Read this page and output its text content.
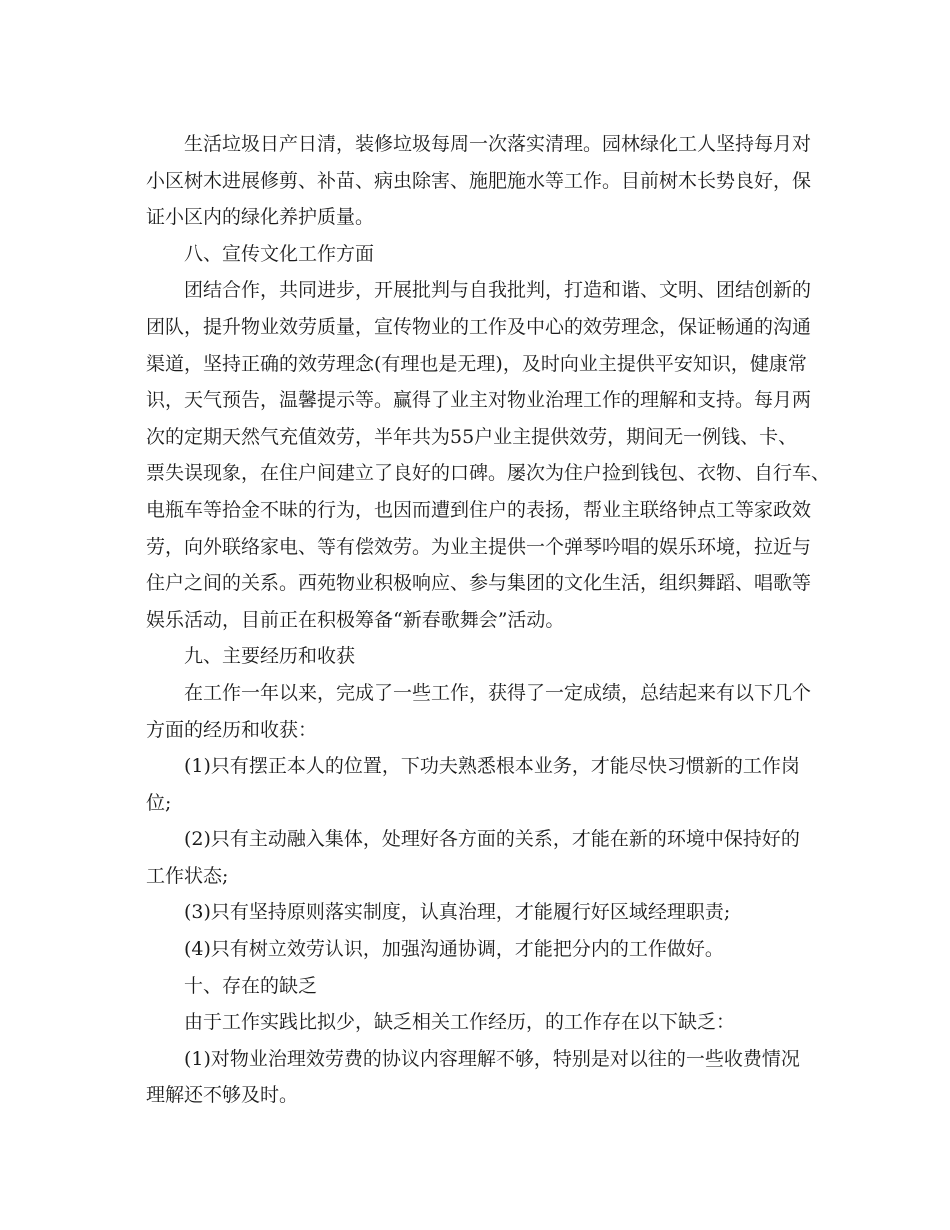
生活垃圾日产日清，装修垃圾每周一次落实清理。园林绿化工人坚持每月对
小区树木进展修剪、补苗、病虫除害、施肥施水等工作。目前树木长势良好，保
证小区内的绿化养护质量。
八、宣传文化工作方面
团结合作，共同进步，开展批判与自我批判，打造和谐、文明、团结创新的
团队，提升物业效劳质量，宣传物业的工作及中心的效劳理念，保证畅通的沟通
渠道，坚持正确的效劳理念(有理也是无理)，及时向业主提供平安知识，健康常
识，天气预告，温馨提示等。赢得了业主对物业治理工作的理解和支持。每月两
次的定期天然气充值效劳，半年共为55户业主提供效劳，期间无一例钱、卡、
票失误现象，在住户间建立了良好的口碑。屡次为住户捡到钱包、衣物、自行车、
电瓶车等拾金不昧的行为，也因而遭到住户的表扬，帮业主联络钟点工等家政效
劳，向外联络家电、等有偿效劳。为业主提供一个弹琴吟唱的娱乐环境，拉近与
住户之间的关系。西苑物业积极响应、参与集团的文化生活，组织舞蹈、唱歌等
娱乐活动，目前正在积极筹备“新春歌舞会”活动。
九、主要经历和收获
在工作一年以来，完成了一些工作，获得了一定成绩，总结起来有以下几个
方面的经历和收获：
(1)只有摆正本人的位置，下功夫熟悉根本业务，才能尽快习惯新的工作岗
位;
(2)只有主动融入集体，处理好各方面的关系，才能在新的环境中保持好的
工作状态;
(3)只有坚持原则落实制度，认真治理，才能履行好区域经理职责;
(4)只有树立效劳认识，加强沟通协调，才能把分内的工作做好。
十、存在的缺乏
由于工作实践比拟少，缺乏相关工作经历，的工作存在以下缺乏：
(1)对物业治理效劳费的协议内容理解不够，特别是对以往的一些收费情况
理解还不够及时。
